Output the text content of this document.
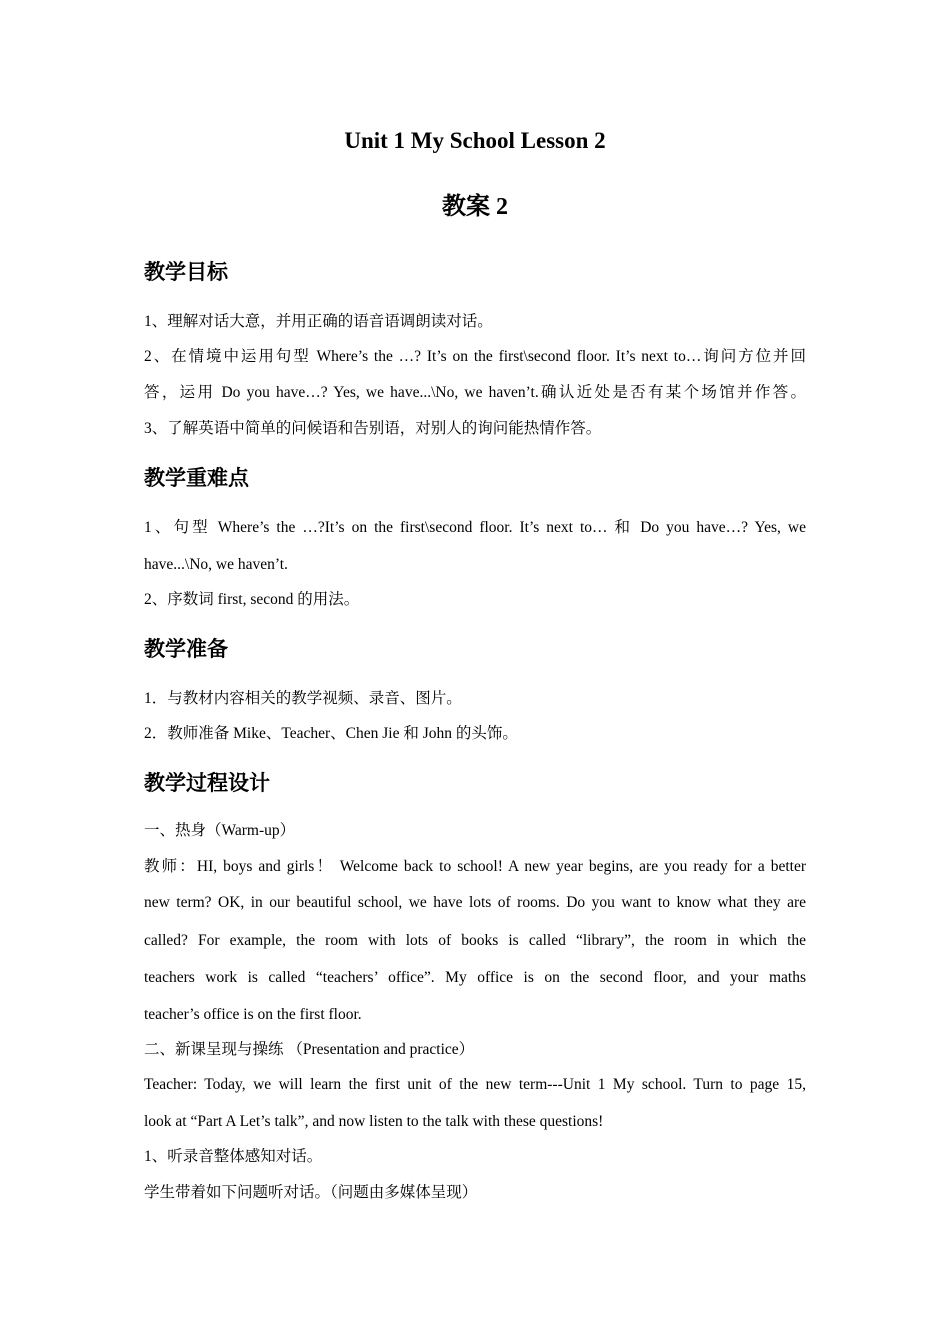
Unit 1 My School Lesson 2
教案 2
教学目标
1、理解对话大意，并用正确的语音语调朗读对话。
2、在情境中运用句型 Where’s the …? It’s on the first\second floor. It’s next to…询问方位并回
答，运用 Do you have…? Yes, we have...\No, we haven’t.确认近处是否有某个场馆并作答。
3、了解英语中简单的问候语和告别语，对别人的询问能热情作答。
教学重难点
1、句型 Where’s the …?It’s on the first\second floor. It’s next to… 和 Do you have…? Yes, we
have...\No, we haven’t.
2、序数词 first, second 的用法。
教学准备
1．与教材内容相关的教学视频、录音、图片。
2．教师准备 Mike、Teacher、Chen Jie 和 John 的头饰。
教学过程设计
一、热身（Warm-up）
教师：HI, boys and girls！ Welcome back to school! A new year begins, are you ready for a better
new term? OK, in our beautiful school, we have lots of rooms. Do you want to know what they are
called? For example, the room with lots of books is called “library”, the room in which the
teachers work is called “teachers’ office”. My office is on the second floor, and your maths
teacher’s office is on the first floor.
二、新课呈现与操练 （Presentation and practice）
Teacher: Today, we will learn the first unit of the new term---Unit 1 My school. Turn to page 15,
look at “Part A Let’s talk”, and now listen to the talk with these questions!
1、听录音整体感知对话。
学生带着如下问题听对话。（问题由多媒体呈现）
